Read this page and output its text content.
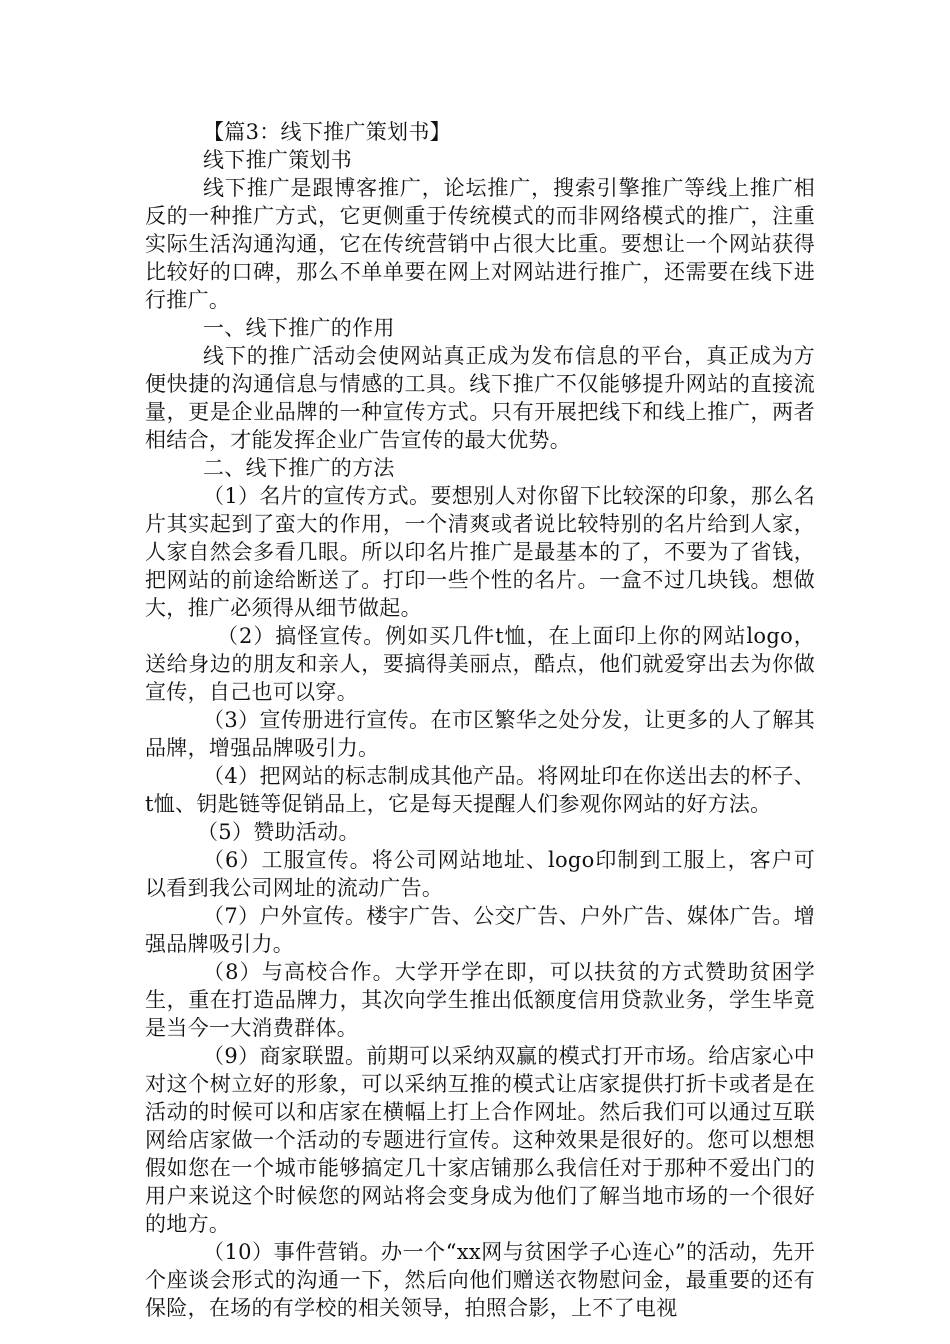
【篇3：线下推广策划书】

线下推广策划书

线下推广是跟博客推广，论坛推广，搜索引擎推广等线上推广相反的一种推广方式，它更侧重于传统模式的而非网络模式的推广，注重实际生活沟通沟通，它在传统营销中占很大比重。要想让一个网站获得比较好的口碑，那么不单单要在网上对网站进行推广，还需要在线下进行推广。

一、线下推广的作用

线下的推广活动会使网站真正成为发布信息的平台，真正成为方便快捷的沟通信息与情感的工具。线下推广不仅能够提升网站的直接流量，更是企业品牌的一种宣传方式。只有开展把线下和线上推广，两者相结合，才能发挥企业广告宣传的最大优势。

二、线下推广的方法

（1）名片的宣传方式。要想别人对你留下比较深的印象，那么名片其实起到了蛮大的作用，一个清爽或者说比较特别的名片给到人家，人家自然会多看几眼。所以印名片推广是最基本的了，不要为了省钱，把网站的前途给断送了。打印一些个性的名片。一盒不过几块钱。想做大，推广必须得从细节做起。

（2）搞怪宣传。例如买几件t恤，在上面印上你的网站logo，送给身边的朋友和亲人，要搞得美丽点，酷点，他们就爱穿出去为你做宣传，自己也可以穿。

（3）宣传册进行宣传。在市区繁华之处分发，让更多的人了解其品牌，增强品牌吸引力。

（4）把网站的标志制成其他产品。将网址印在你送出去的杯子、t恤、钥匙链等促销品上，它是每天提醒人们参观你网站的好方法。

（5）赞助活动。

（6）工服宣传。将公司网站地址、logo印制到工服上，客户可以看到我公司网址的流动广告。

（7）户外宣传。楼宇广告、公交广告、户外广告、媒体广告。增强品牌吸引力。

（8）与高校合作。大学开学在即，可以扶贫的方式赞助贫困学生，重在打造品牌力，其次向学生推出低额度信用贷款业务，学生毕竟是当今一大消费群体。

（9）商家联盟。前期可以采纳双赢的模式打开市场。给店家心中对这个树立好的形象，可以采纳互推的模式让店家提供打折卡或者是在活动的时候可以和店家在横幅上打上合作网址。然后我们可以通过互联网给店家做一个活动的专题进行宣传。这种效果是很好的。您可以想想假如您在一个城市能够搞定几十家店铺那么我信任对于那种不爱出门的用户来说这个时候您的网站将会变身成为他们了解当地市场的一个很好的地方。

（10）事件营销。办一个“xx网与贫困学子心连心”的活动，先开个座谈会形式的沟通一下，然后向他们赠送衣物慰问金，最重要的还有保险，在场的有学校的相关领导，拍照合影，上不了电视
